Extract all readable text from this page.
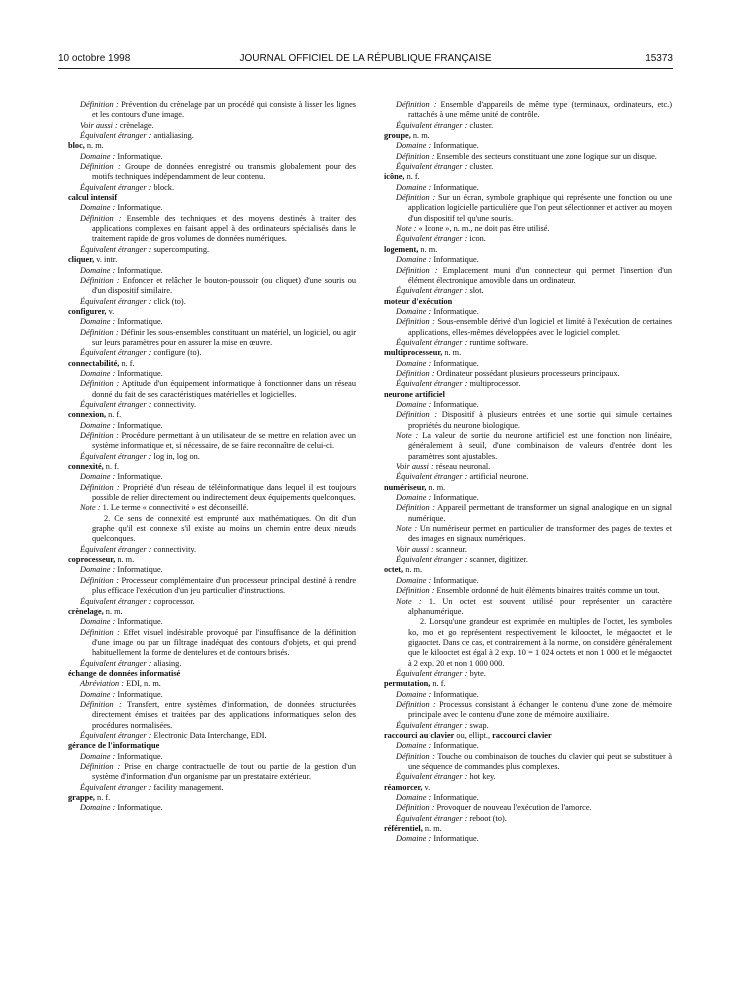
10 octobre 1998	JOURNAL OFFICIEL DE LA RÉPUBLIQUE FRANÇAISE	15373
Définition : Prévention du crènelage par un procédé qui consiste à lisser les lignes et les contours d'une image.
Voir aussi : crènelage.
Équivalent étranger : antialiasing.
bloc, n. m.
Domaine : Informatique.
Définition : Groupe de données enregistré ou transmis globalement pour des motifs techniques indépendamment de leur contenu.
Équivalent étranger : block.
calcul intensif
Domaine : Informatique.
Définition : Ensemble des techniques et des moyens destinés à traiter des applications complexes en faisant appel à des ordinateurs spécialisés dans le traitement rapide de gros volumes de données numériques.
Équivalent étranger : supercomputing.
cliquer, v. intr.
Domaine : Informatique.
Définition : Enfoncer et relâcher le bouton-poussoir (ou cliquet) d'une souris ou d'un dispositif similaire.
Équivalent étranger : click (to).
configurer, v.
Domaine : Informatique.
Définition : Définir les sous-ensembles constituant un matériel, un logiciel, ou agir sur leurs paramètres pour en assurer la mise en œuvre.
Équivalent étranger : configure (to).
connectabilité, n. f.
Domaine : Informatique.
Définition : Aptitude d'un équipement informatique à fonctionner dans un réseau donné du fait de ses caractéristiques matérielles et logicielles.
Équivalent étranger : connectivity.
connexion, n. f.
Domaine : Informatique.
Définition : Procédure permettant à un utilisateur de se mettre en relation avec un système informatique et, si nécessaire, de se faire reconnaître de celui-ci.
Équivalent étranger : log in, log on.
connexité, n. f.
Domaine : Informatique.
Définition : Propriété d'un réseau de téléinformatique dans lequel il est toujours possible de relier directement ou indirectement deux équipements quelconques.
Note : 1. Le terme « connectivité » est déconseillé.
2. Ce sens de connexité est emprunté aux mathématiques. On dit d'un graphe qu'il est connexe s'il existe au moins un chemin entre deux nœuds quelconques.
Équivalent étranger : connectivity.
coprocesseur, n. m.
Domaine : Informatique.
Définition : Processeur complémentaire d'un processeur principal destiné à rendre plus efficace l'exécution d'un jeu particulier d'instructions.
Équivalent étranger : coprocessor.
crènelage, n. m.
Domaine : Informatique.
Définition : Effet visuel indésirable provoqué par l'insuffisance de la définition d'une image ou par un filtrage inadéquat des contours d'objets, et qui prend habituellement la forme de dentelures et de contours brisés.
Équivalent étranger : aliasing.
échange de données informatisé
Abréviation : EDI, n. m.
Domaine : Informatique.
Définition : Transfert, entre systèmes d'information, de données structurées directement émises et traitées par des applications informatiques selon des procédures normalisées.
Équivalent étranger : Electronic Data Interchange, EDI.
gérance de l'informatique
Domaine : Informatique.
Définition : Prise en charge contractuelle de tout ou partie de la gestion d'un système d'information d'un organisme par un prestataire extérieur.
Équivalent étranger : facility management.
grappe, n. f.
Domaine : Informatique.
Définition : Ensemble d'appareils de même type (terminaux, ordinateurs, etc.) rattachés à une même unité de contrôle.
Équivalent étranger : cluster.
groupe, n. m.
Domaine : Informatique.
Définition : Ensemble des secteurs constituant une zone logique sur un disque.
Équivalent étranger : cluster.
icône, n. f.
Domaine : Informatique.
Définition : Sur un écran, symbole graphique qui représente une fonction ou une application logicielle particulière que l'on peut sélectionner et activer au moyen d'un dispositif tel qu'une souris.
Note : « Icone », n. m., ne doit pas être utilisé.
Équivalent étranger : icon.
logement, n. m.
Domaine : Informatique.
Définition : Emplacement muni d'un connecteur qui permet l'insertion d'un élément électronique amovible dans un ordinateur.
Équivalent étranger : slot.
moteur d'exécution
Domaine : Informatique.
Définition : Sous-ensemble dérivé d'un logiciel et limité à l'exécution de certaines applications, elles-mêmes développées avec le logiciel complet.
Équivalent étranger : runtime software.
multiprocesseur, n. m.
Domaine : Informatique.
Définition : Ordinateur possédant plusieurs processeurs principaux.
Équivalent étranger : multiprocessor.
neurone artificiel
Domaine : Informatique.
Définition : Dispositif à plusieurs entrées et une sortie qui simule certaines propriétés du neurone biologique.
Note : La valeur de sortie du neurone artificiel est une fonction non linéaire, généralement à seuil, d'une combinaison de valeurs d'entrée dont les paramètres sont ajustables.
Voir aussi : réseau neuronal.
Équivalent étranger : artificial neurone.
numériseur, n. m.
Domaine : Informatique.
Définition : Appareil permettant de transformer un signal analogique en un signal numérique.
Note : Un numériseur permet en particulier de transformer des pages de textes et des images en signaux numériques.
Voir aussi : scanneur.
Équivalent étranger : scanner, digitizer.
octet, n. m.
Domaine : Informatique.
Définition : Ensemble ordonné de huit éléments binaires traités comme un tout.
Note : 1. Un octet est souvent utilisé pour représenter un caractère alphanumérique.
2. Lorsqu'une grandeur est exprimée en multiples de l'octet, les symboles ko, mo et go représentent respectivement le kilooctet, le mégaoctet et le gigaoctet. Dans ce cas, et contrairement à la norme, on considère généralement que le kilooctet est égal à 2 exp. 10 = 1 024 octets et non 1 000 et le mégaoctet à 2 exp. 20 et non 1 000 000.
Équivalent étranger : byte.
permutation, n. f.
Domaine : Informatique.
Définition : Processus consistant à échanger le contenu d'une zone de mémoire principale avec le contenu d'une zone de mémoire auxiliaire.
Équivalent étranger : swap.
raccourci au clavier ou, ellipt., raccourci clavier
Domaine : Informatique.
Définition : Touche ou combinaison de touches du clavier qui peut se substituer à une séquence de commandes plus complexes.
Équivalent étranger : hot key.
réamorcer, v.
Domaine : Informatique.
Définition : Provoquer de nouveau l'exécution de l'amorce.
Équivalent étranger : reboot (to).
référentiel, n. m.
Domaine : Informatique.
